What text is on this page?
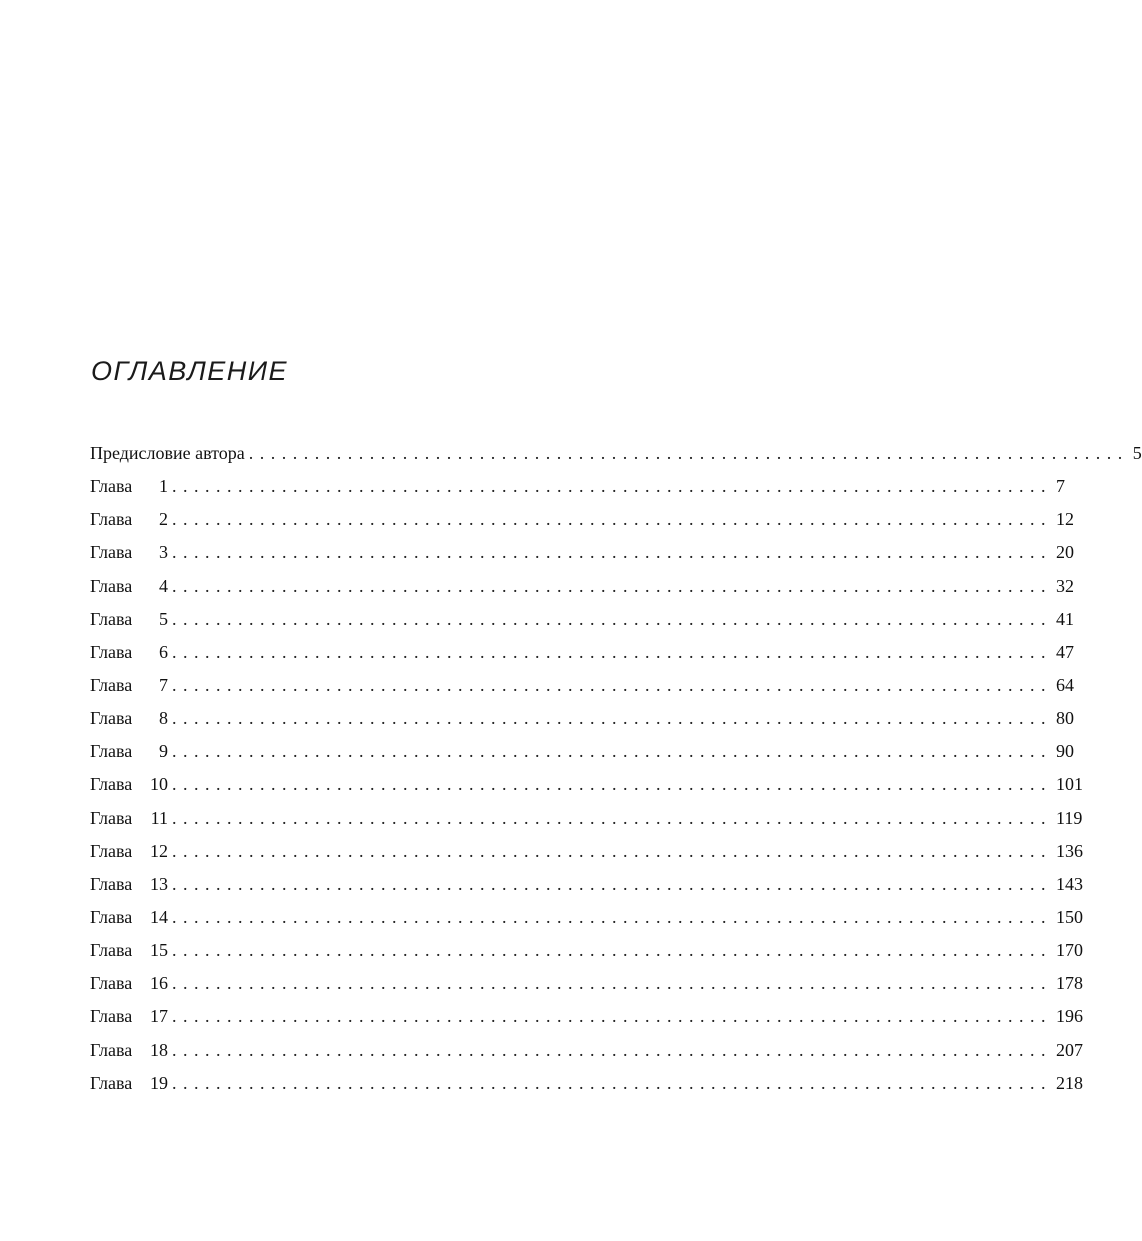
ОГЛАВЛЕНИЕ
Предисловие автора ................................................................................ 5
Глава 1 ................................................................................ 7
Глава 2 ................................................................................ 12
Глава 3 ................................................................................ 20
Глава 4 ................................................................................ 32
Глава 5 ................................................................................ 41
Глава 6 ................................................................................ 47
Глава 7 ................................................................................ 64
Глава 8 ................................................................................ 80
Глава 9 ................................................................................ 90
Глава 10 ................................................................................ 101
Глава 11 ................................................................................ 119
Глава 12 ................................................................................ 136
Глава 13 ................................................................................ 143
Глава 14 ................................................................................ 150
Глава 15 ................................................................................ 170
Глава 16 ................................................................................ 178
Глава 17 ................................................................................ 196
Глава 18 ................................................................................ 207
Глава 19 ................................................................................ 218
